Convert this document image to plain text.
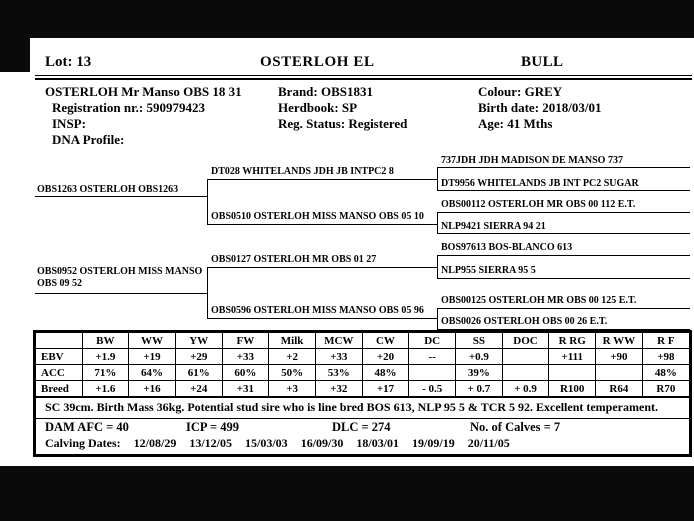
Lot: 13	OSTERLOH EL	BULL
OSTERLOH Mr Manso OBS 18 31
Registration nr.: 590979423
INSP:
DNA Profile:
Brand: OBS1831
Herdbook: SP
Reg. Status: Registered
Colour: GREY
Birth date: 2018/03/01
Age: 41 Mths
737JDH JDH MADISON DE MANSO 737
DT028 WHITELANDS JDH JB INTPC2 8
DT9956 WHITELANDS JB INT PC2 SUGAR
OBS1263 OSTERLOH OBS1263
OBS00112 OSTERLOH MR OBS 00 112 E.T.
OBS0510 OSTERLOH MISS MANSO OBS 05 10
NLP9421 SIERRA 94 21
BOS97613 BOS-BLANCO 613
OBS0127 OSTERLOH MR OBS 01 27
NLP955 SIERRA 95 5
OBS0952 OSTERLOH MISS MANSO OBS 09 52
OBS00125 OSTERLOH MR OBS 00 125 E.T.
OBS0596 OSTERLOH MISS MANSO OBS 05 96
OBS0026 OSTERLOH OBS 00 26 E.T.
	BW	WW	YW	FW	Milk	MCW	CW	DC	SS	DOC	R RG	R WW	R F
EBV	+1.9	+19	+29	+33	+2	+33	+20	--	+0.9		+111	+90	+98
ACC	71%	64%	61%	60%	50%	53%	48%		39%				48%
Breed	+1.6	+16	+24	+31	+3	+32	+17	- 0.5	+ 0.7	+ 0.9	R100	R64	R70
SC 39cm. Birth Mass 36kg. Potential stud sire who is line bred BOS 613, NLP 95 5 & TCR 5 92. Excellent temperament.
DAM AFC = 40	ICP = 499	DLC = 274	No. of Calves = 7
Calving Dates: 12/08/29 13/12/05 15/03/03 16/09/30 18/03/01 19/09/19 20/11/05
